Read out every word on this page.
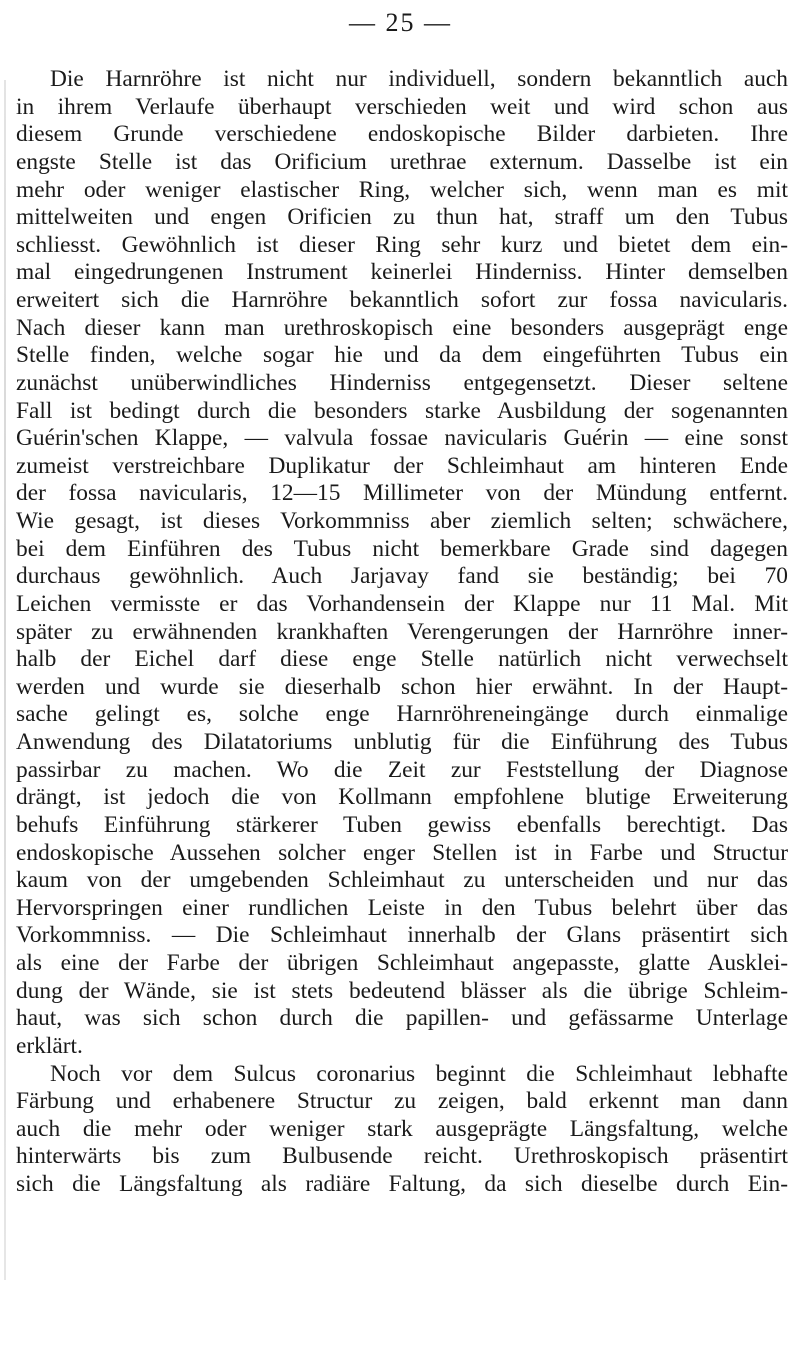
— 25 —
Die Harnröhre ist nicht nur individuell, sondern bekanntlich auch
in ihrem Verlaufe überhaupt verschieden weit und wird schon aus
diesem Grunde verschiedene endoskopische Bilder darbieten. Ihre
engste Stelle ist das Orificium urethrae externum. Dasselbe ist ein
mehr oder weniger elastischer Ring, welcher sich, wenn man es mit
mittelweiten und engen Orificien zu thun hat, straff um den Tubus
schliesst. Gewöhnlich ist dieser Ring sehr kurz und bietet dem ein-
mal eingedrungenen Instrument keinerlei Hinderniss. Hinter demselben
erweitert sich die Harnröhre bekanntlich sofort zur fossa navicularis.
Nach dieser kann man urethroskopisch eine besonders ausgeprägt enge
Stelle finden, welche sogar hie und da dem eingeführten Tubus ein
zunächst unüberwindliches Hinderniss entgegensetzt. Dieser seltene
Fall ist bedingt durch die besonders starke Ausbildung der sogenannten
Guérin'schen Klappe, — valvula fossae navicularis Guérin — eine sonst
zumeist verstreichbare Duplikatur der Schleimhaut am hinteren Ende
der fossa navicularis, 12—15 Millimeter von der Mündung entfernt.
Wie gesagt, ist dieses Vorkommniss aber ziemlich selten; schwächere,
bei dem Einführen des Tubus nicht bemerkbare Grade sind dagegen
durchaus gewöhnlich. Auch Jarjavay fand sie beständig; bei 70
Leichen vermisste er das Vorhandensein der Klappe nur 11 Mal. Mit
später zu erwähnenden krankhaften Verengerungen der Harnröhre inner-
halb der Eichel darf diese enge Stelle natürlich nicht verwechselt
werden und wurde sie dieserhalb schon hier erwähnt. In der Haupt-
sache gelingt es, solche enge Harnröhreneingänge durch einmalige
Anwendung des Dilatatoriums unblutig für die Einführung des Tubus
passirbar zu machen. Wo die Zeit zur Feststellung der Diagnose
drängt, ist jedoch die von Kollmann empfohlene blutige Erweiterung
behufs Einführung stärkerer Tuben gewiss ebenfalls berechtigt. Das
endoskopische Aussehen solcher enger Stellen ist in Farbe und Structur
kaum von der umgebenden Schleimhaut zu unterscheiden und nur das
Hervorspringen einer rundlichen Leiste in den Tubus belehrt über das
Vorkommniss. — Die Schleimhaut innerhalb der Glans präsentirt sich
als eine der Farbe der übrigen Schleimhaut angepasste, glatte Ausklei-
dung der Wände, sie ist stets bedeutend blässer als die übrige Schleim-
haut, was sich schon durch die papillen- und gefässarme Unterlage
erklärt.
Noch vor dem Sulcus coronarius beginnt die Schleimhaut lebhafte
Färbung und erhabenere Structur zu zeigen, bald erkennt man dann
auch die mehr oder weniger stark ausgeprägte Längsfaltung, welche
hinterwärts bis zum Bulbusende reicht. Urethroskopisch präsentirt
sich die Längsfaltung als radiäre Faltung, da sich dieselbe durch Ein-
